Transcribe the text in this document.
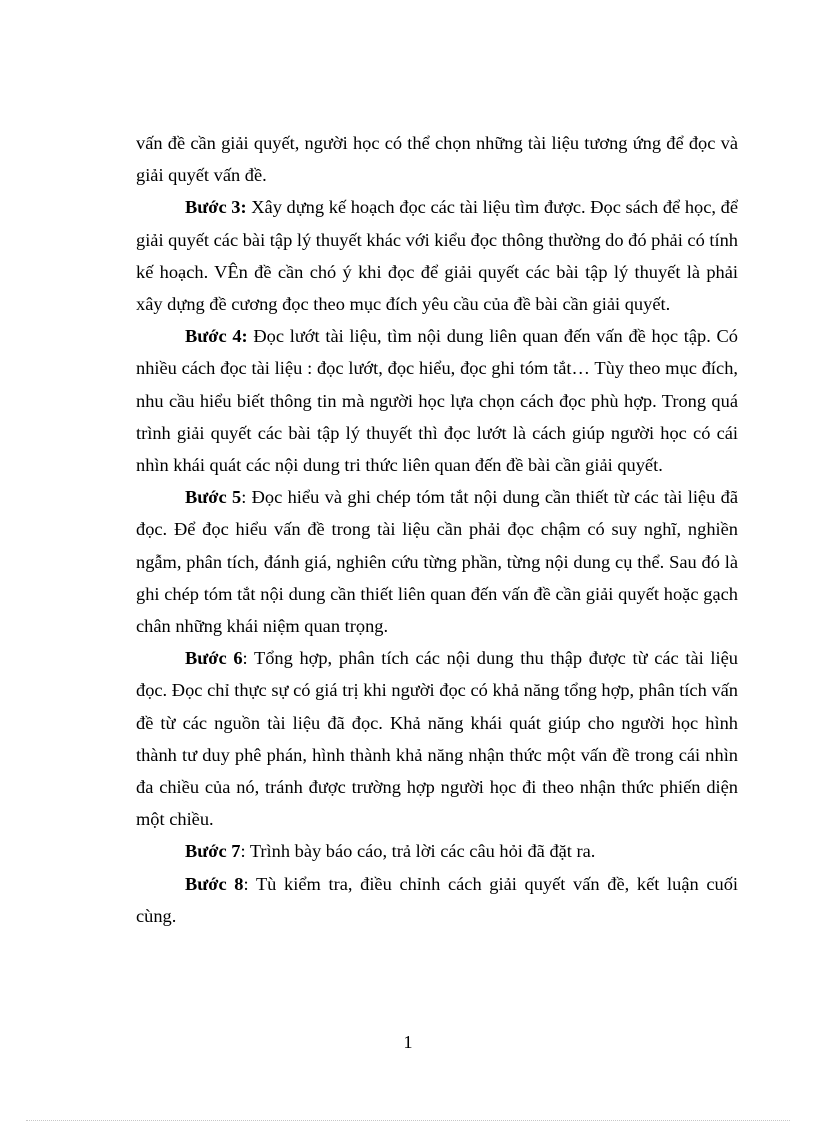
vấn đề cần giải quyết, người học có thể chọn những tài liệu tương ứng để đọc và giải quyết vấn đề.

Bước 3: Xây dựng kế hoạch đọc các tài liệu tìm được. Đọc sách để học, để giải quyết các bài tập lý thuyết khác với kiểu đọc thông thường do đó phải có tính kế hoạch. VÊn đề cần chó ý khi đọc để giải quyết các bài tập lý thuyết là phải xây dựng đề cương đọc theo mục đích yêu cầu của đề bài cần giải quyết.

Bước 4: Đọc lướt tài liệu, tìm nội dung liên quan đến vấn đề học tập. Có nhiều cách đọc tài liệu : đọc lướt, đọc hiểu, đọc ghi tóm tắt… Tùy theo mục đích, nhu cầu hiểu biết thông tin mà người học lựa chọn cách đọc phù hợp. Trong quá trình giải quyết các bài tập lý thuyết thì đọc lướt là cách giúp người học có cái nhìn khái quát các nội dung tri thức liên quan đến đề bài cần giải quyết.

Bước 5: Đọc hiểu và ghi chép tóm tắt nội dung cần thiết từ các tài liệu đã đọc. Để đọc hiểu vấn đề trong tài liệu cần phải đọc chậm có suy nghĩ, nghiền ngẫm, phân tích, đánh giá, nghiên cứu từng phần, từng nội dung cụ thể. Sau đó là ghi chép tóm tắt nội dung cần thiết liên quan đến vấn đề cần giải quyết hoặc gạch chân những khái niệm quan trọng.

Bước 6: Tổng hợp, phân tích các nội dung thu thập được từ các tài liệu đọc. Đọc chỉ thực sự có giá trị khi người đọc có khả năng tổng hợp, phân tích vấn đề từ các nguồn tài liệu đã đọc. Khả năng khái quát giúp cho người học hình thành tư duy phê phán, hình thành khả năng nhận thức một vấn đề trong cái nhìn đa chiều của nó, tránh được trường hợp người học đi theo nhận thức phiến diện một chiều.

Bước 7: Trình bày báo cáo, trả lời các câu hỏi đã đặt ra.

Bước 8: Tù kiểm tra, điều chỉnh cách giải quyết vấn đề, kết luận cuối cùng.

1
